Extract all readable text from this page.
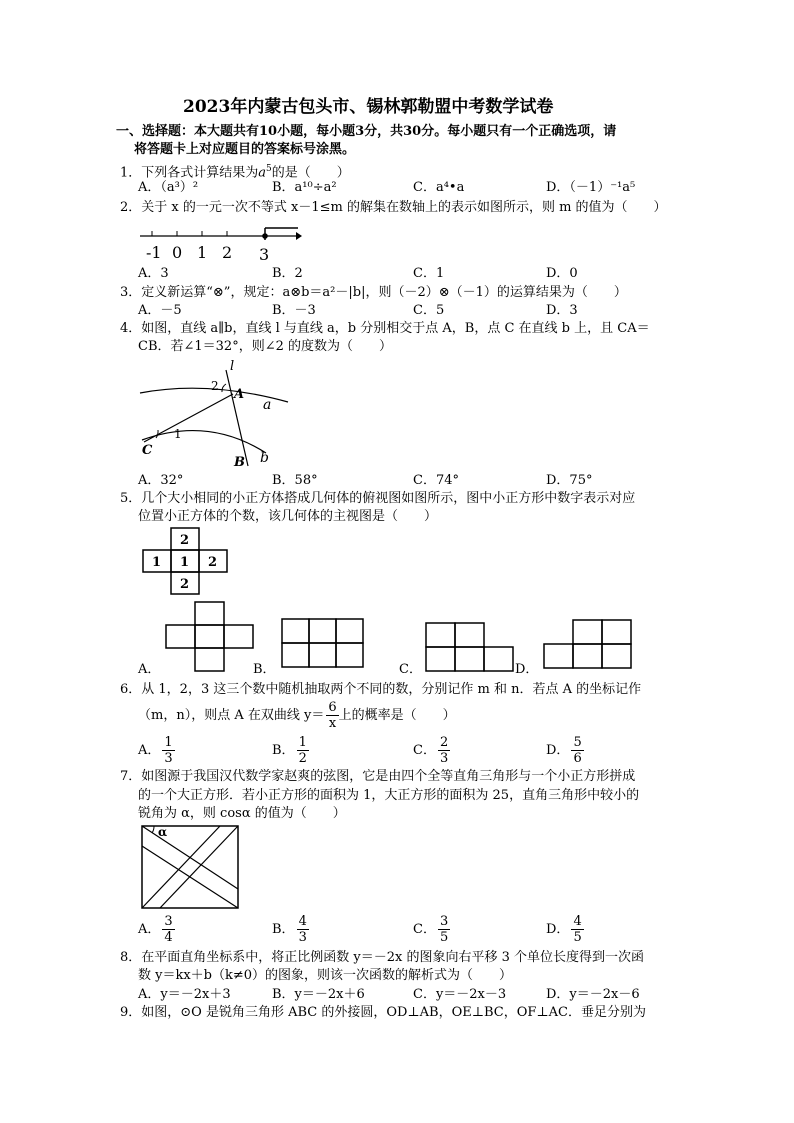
2023年内蒙古包头市、锡林郭勒盟中考数学试卷
一、选择题：本大题共有10小题，每小题3分，共30分。每小题只有一个正确选项，请
将答题卡上对应题目的答案标号涂黑。
1．下列各式计算结果为$a^5$的是（　　）
A．（a³）²	B．a¹⁰÷a²	C．a⁴•a	D．（－1）⁻¹a⁵
2．关于 x 的一元一次不等式 x－1≤m 的解集在数轴上的表示如图所示，则 m 的值为（　　）
-1 0 1 2 3
A．3	B．2	C．1	D．0
3．定义新运算“⊗”，规定：a⊗b＝a²－|b|，则（－2）⊗（－1）的运算结果为（　　）
A．－5	B．－3	C．5	D．3
4．如图，直线 a∥b，直线 l 与直线 a，b 分别相交于点 A，B，点 C 在直线 b 上，且 CA＝
CB．若∠1＝32°，则∠2 的度数为（　　）
l
2
A
a
C
1
B b
A．32°	B．58°	C．74°	D．75°
5．几个大小相同的小正方体搭成几何体的俯视图如图所示，图中小正方形中数字表示对应
位置小正方体的个数，该几何体的主视图是（　　）
2
1 1 2
2
A．	B．	C．	D．
6．从 1，2，3 这三个数中随机抽取两个不同的数，分别记作 m 和 n．若点 A 的坐标记作
（m，n），则点 A 在双曲线 $y= \frac{6}{x}$ 上的概率是（　　）
A． $\frac{1}{3}$	B． $\frac{1}{2}$	C． $\frac{2}{3}$	D． $\frac{5}{6}$
7．如图源于我国汉代数学家赵爽的弦图，它是由四个全等直角三角形与一个小正方形拼成
的一个大正方形．若小正方形的面积为 1，大正方形的面积为 25，直角三角形中较小的
锐角为 α，则 cosα 的值为（　　）
α
A． $\frac{3}{4}$	B． $\frac{4}{3}$	C． $\frac{3}{5}$	D． $\frac{4}{5}$
8．在平面直角坐标系中，将正比例函数 y＝－2x 的图象向右平移 3 个单位长度得到一次函
数 y＝kx＋b（k≠0）的图象，则该一次函数的解析式为（　　）
A．y＝－2x＋3	B．y＝－2x＋6	C．y＝－2x－3	D．y＝－2x－6
9．如图，⊙O 是锐角三角形 ABC 的外接圆，OD⊥AB，OE⊥BC，OF⊥AC．垂足分别为
